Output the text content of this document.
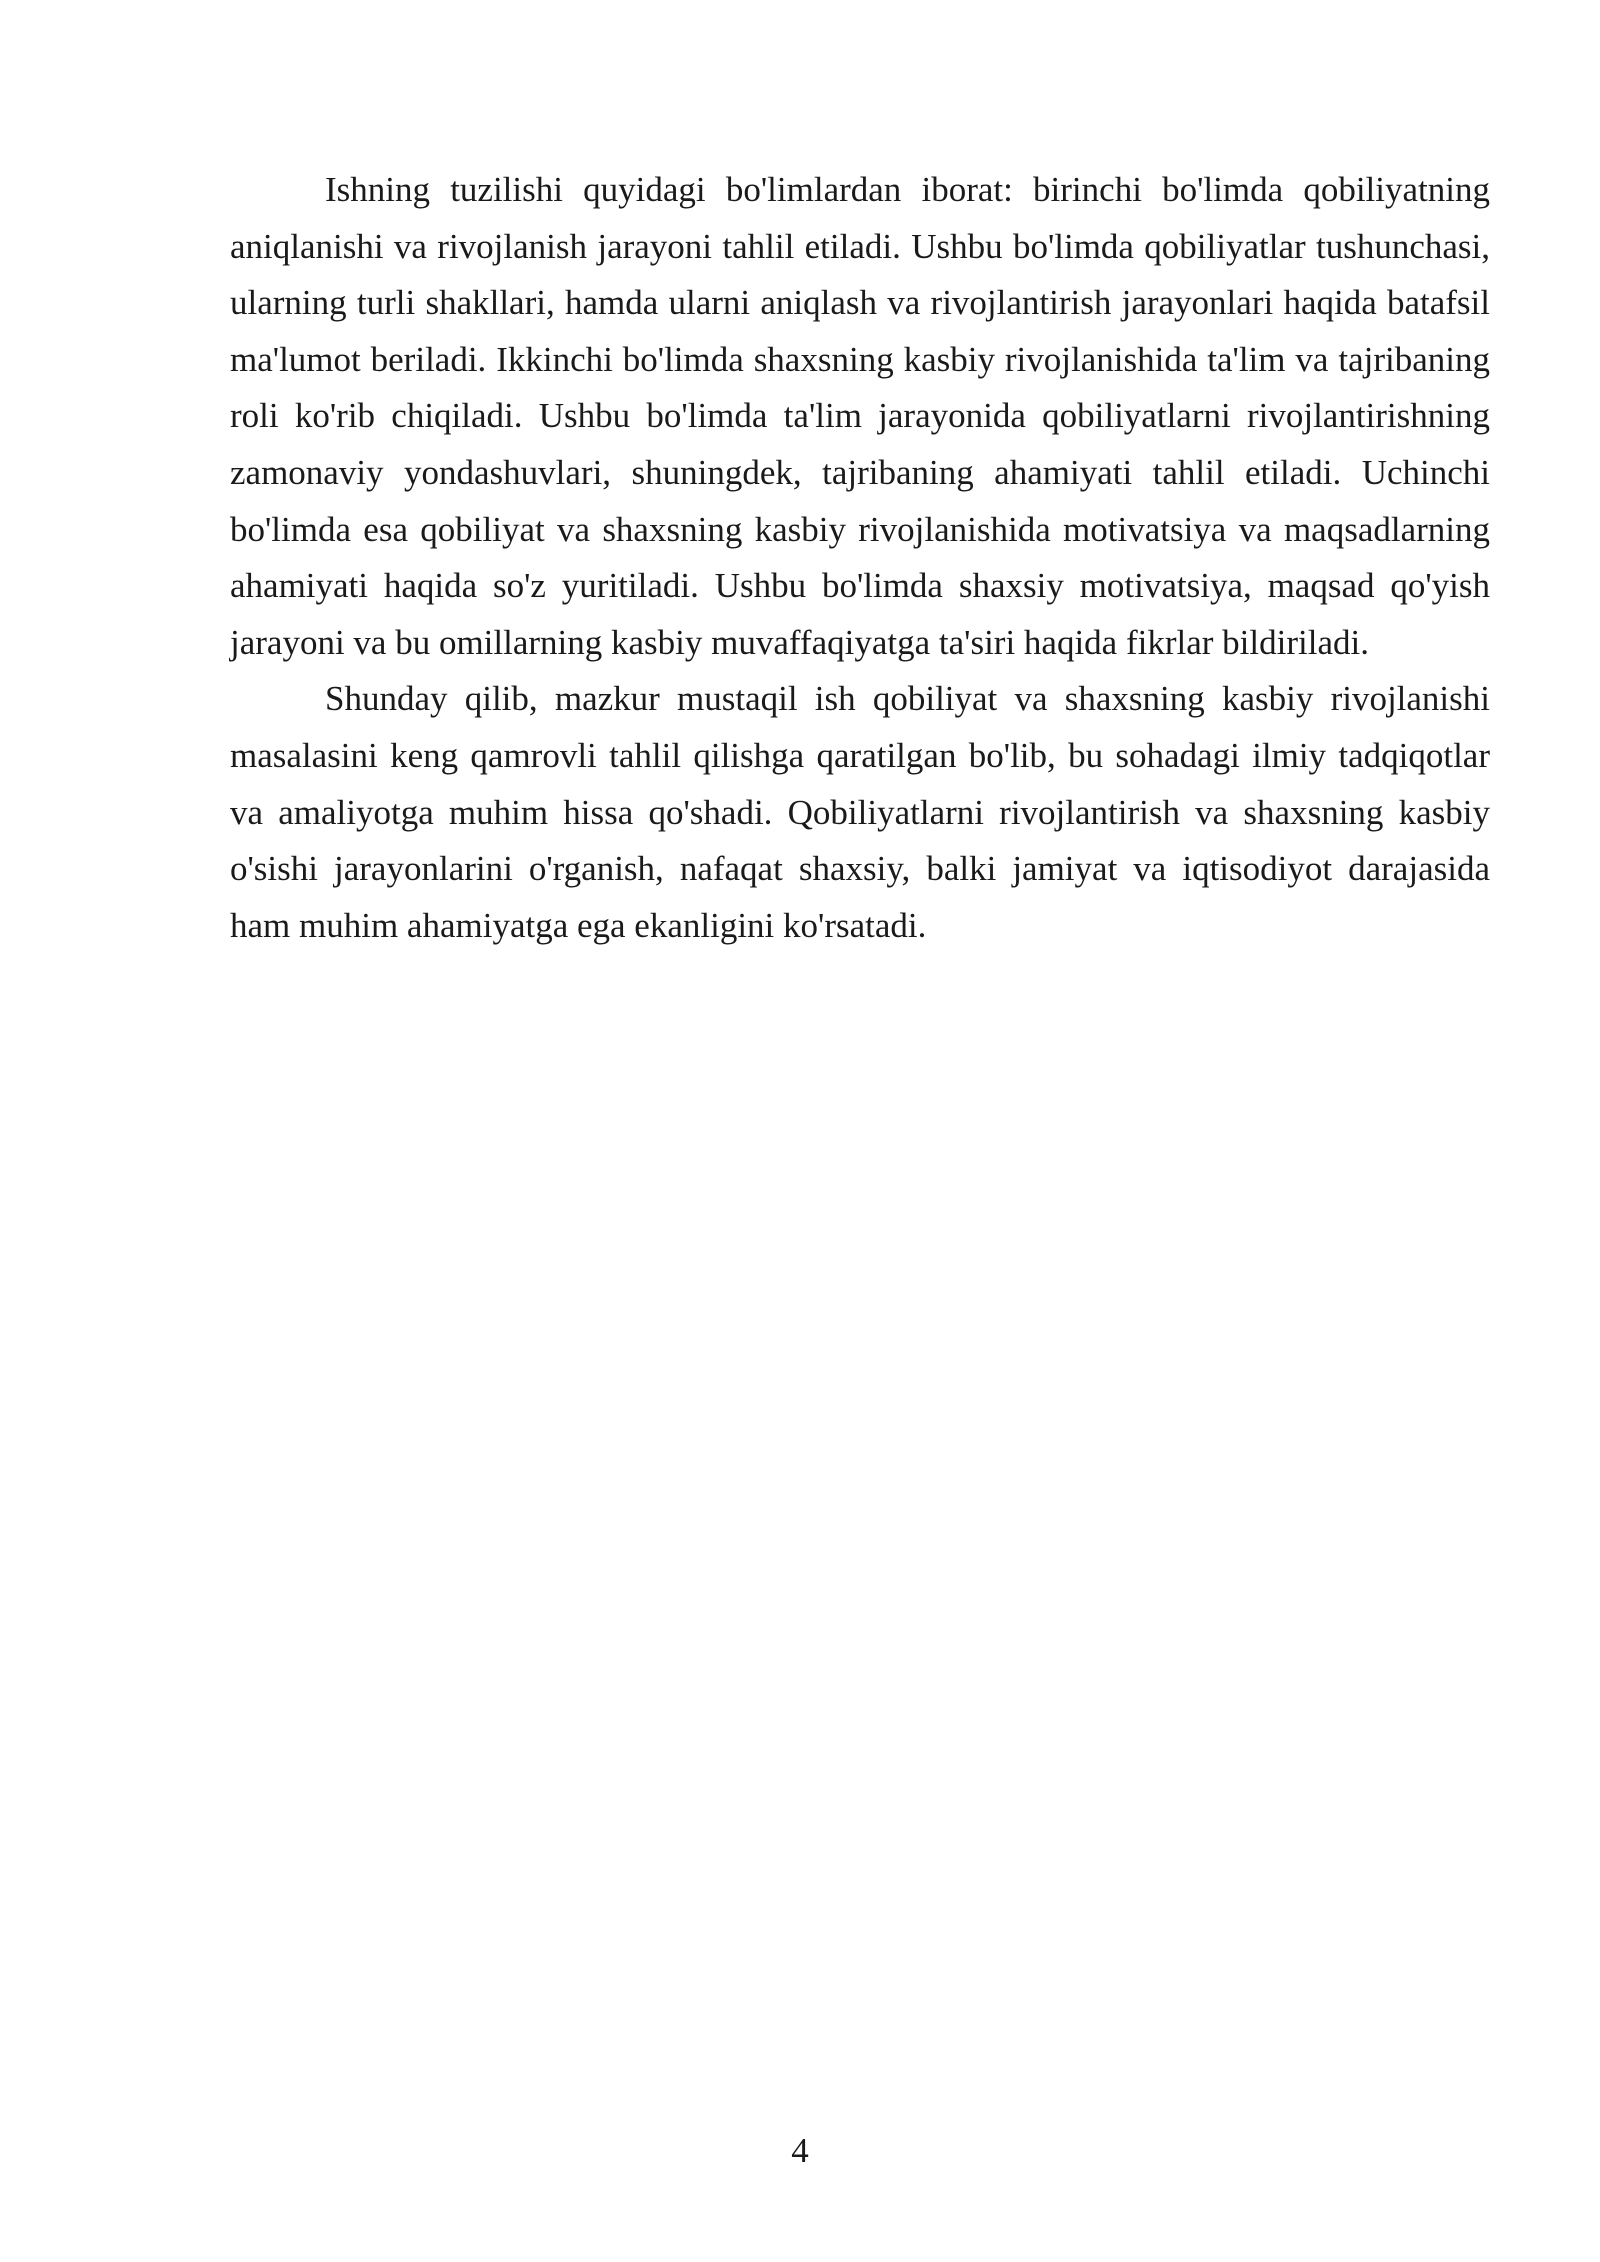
Ishning tuzilishi quyidagi bo'limlardan iborat: birinchi bo'limda qobiliyatning aniqlanishi va rivojlanish jarayoni tahlil etiladi. Ushbu bo'limda qobiliyatlar tushunchasi, ularning turli shakllari, hamda ularni aniqlash va rivojlantirish jarayonlari haqida batafsil ma'lumot beriladi. Ikkinchi bo'limda shaxsning kasbiy rivojlanishida ta'lim va tajribaning roli ko'rib chiqiladi. Ushbu bo'limda ta'lim jarayonida qobiliyatlarni rivojlantirishning zamonaviy yondashuvlari, shuningdek, tajribaning ahamiyati tahlil etiladi. Uchinchi bo'limda esa qobiliyat va shaxsning kasbiy rivojlanishida motivatsiya va maqsadlarning ahamiyati haqida so'z yuritiladi. Ushbu bo'limda shaxsiy motivatsiya, maqsad qo'yish jarayoni va bu omillarning kasbiy muvaffaqiyatga ta'siri haqida fikrlar bildiriladi.

Shunday qilib, mazkur mustaqil ish qobiliyat va shaxsning kasbiy rivojlanishi masalasini keng qamrovli tahlil qilishga qaratilgan bo'lib, bu sohadagi ilmiy tadqiqotlar va amaliyotga muhim hissa qo'shadi. Qobiliyatlarni rivojlantirish va shaxsning kasbiy o'sishi jarayonlarini o'rganish, nafaqat shaxsiy, balki jamiyat va iqtisodiyot darajasida ham muhim ahamiyatga ega ekanligini ko'rsatadi.

4
